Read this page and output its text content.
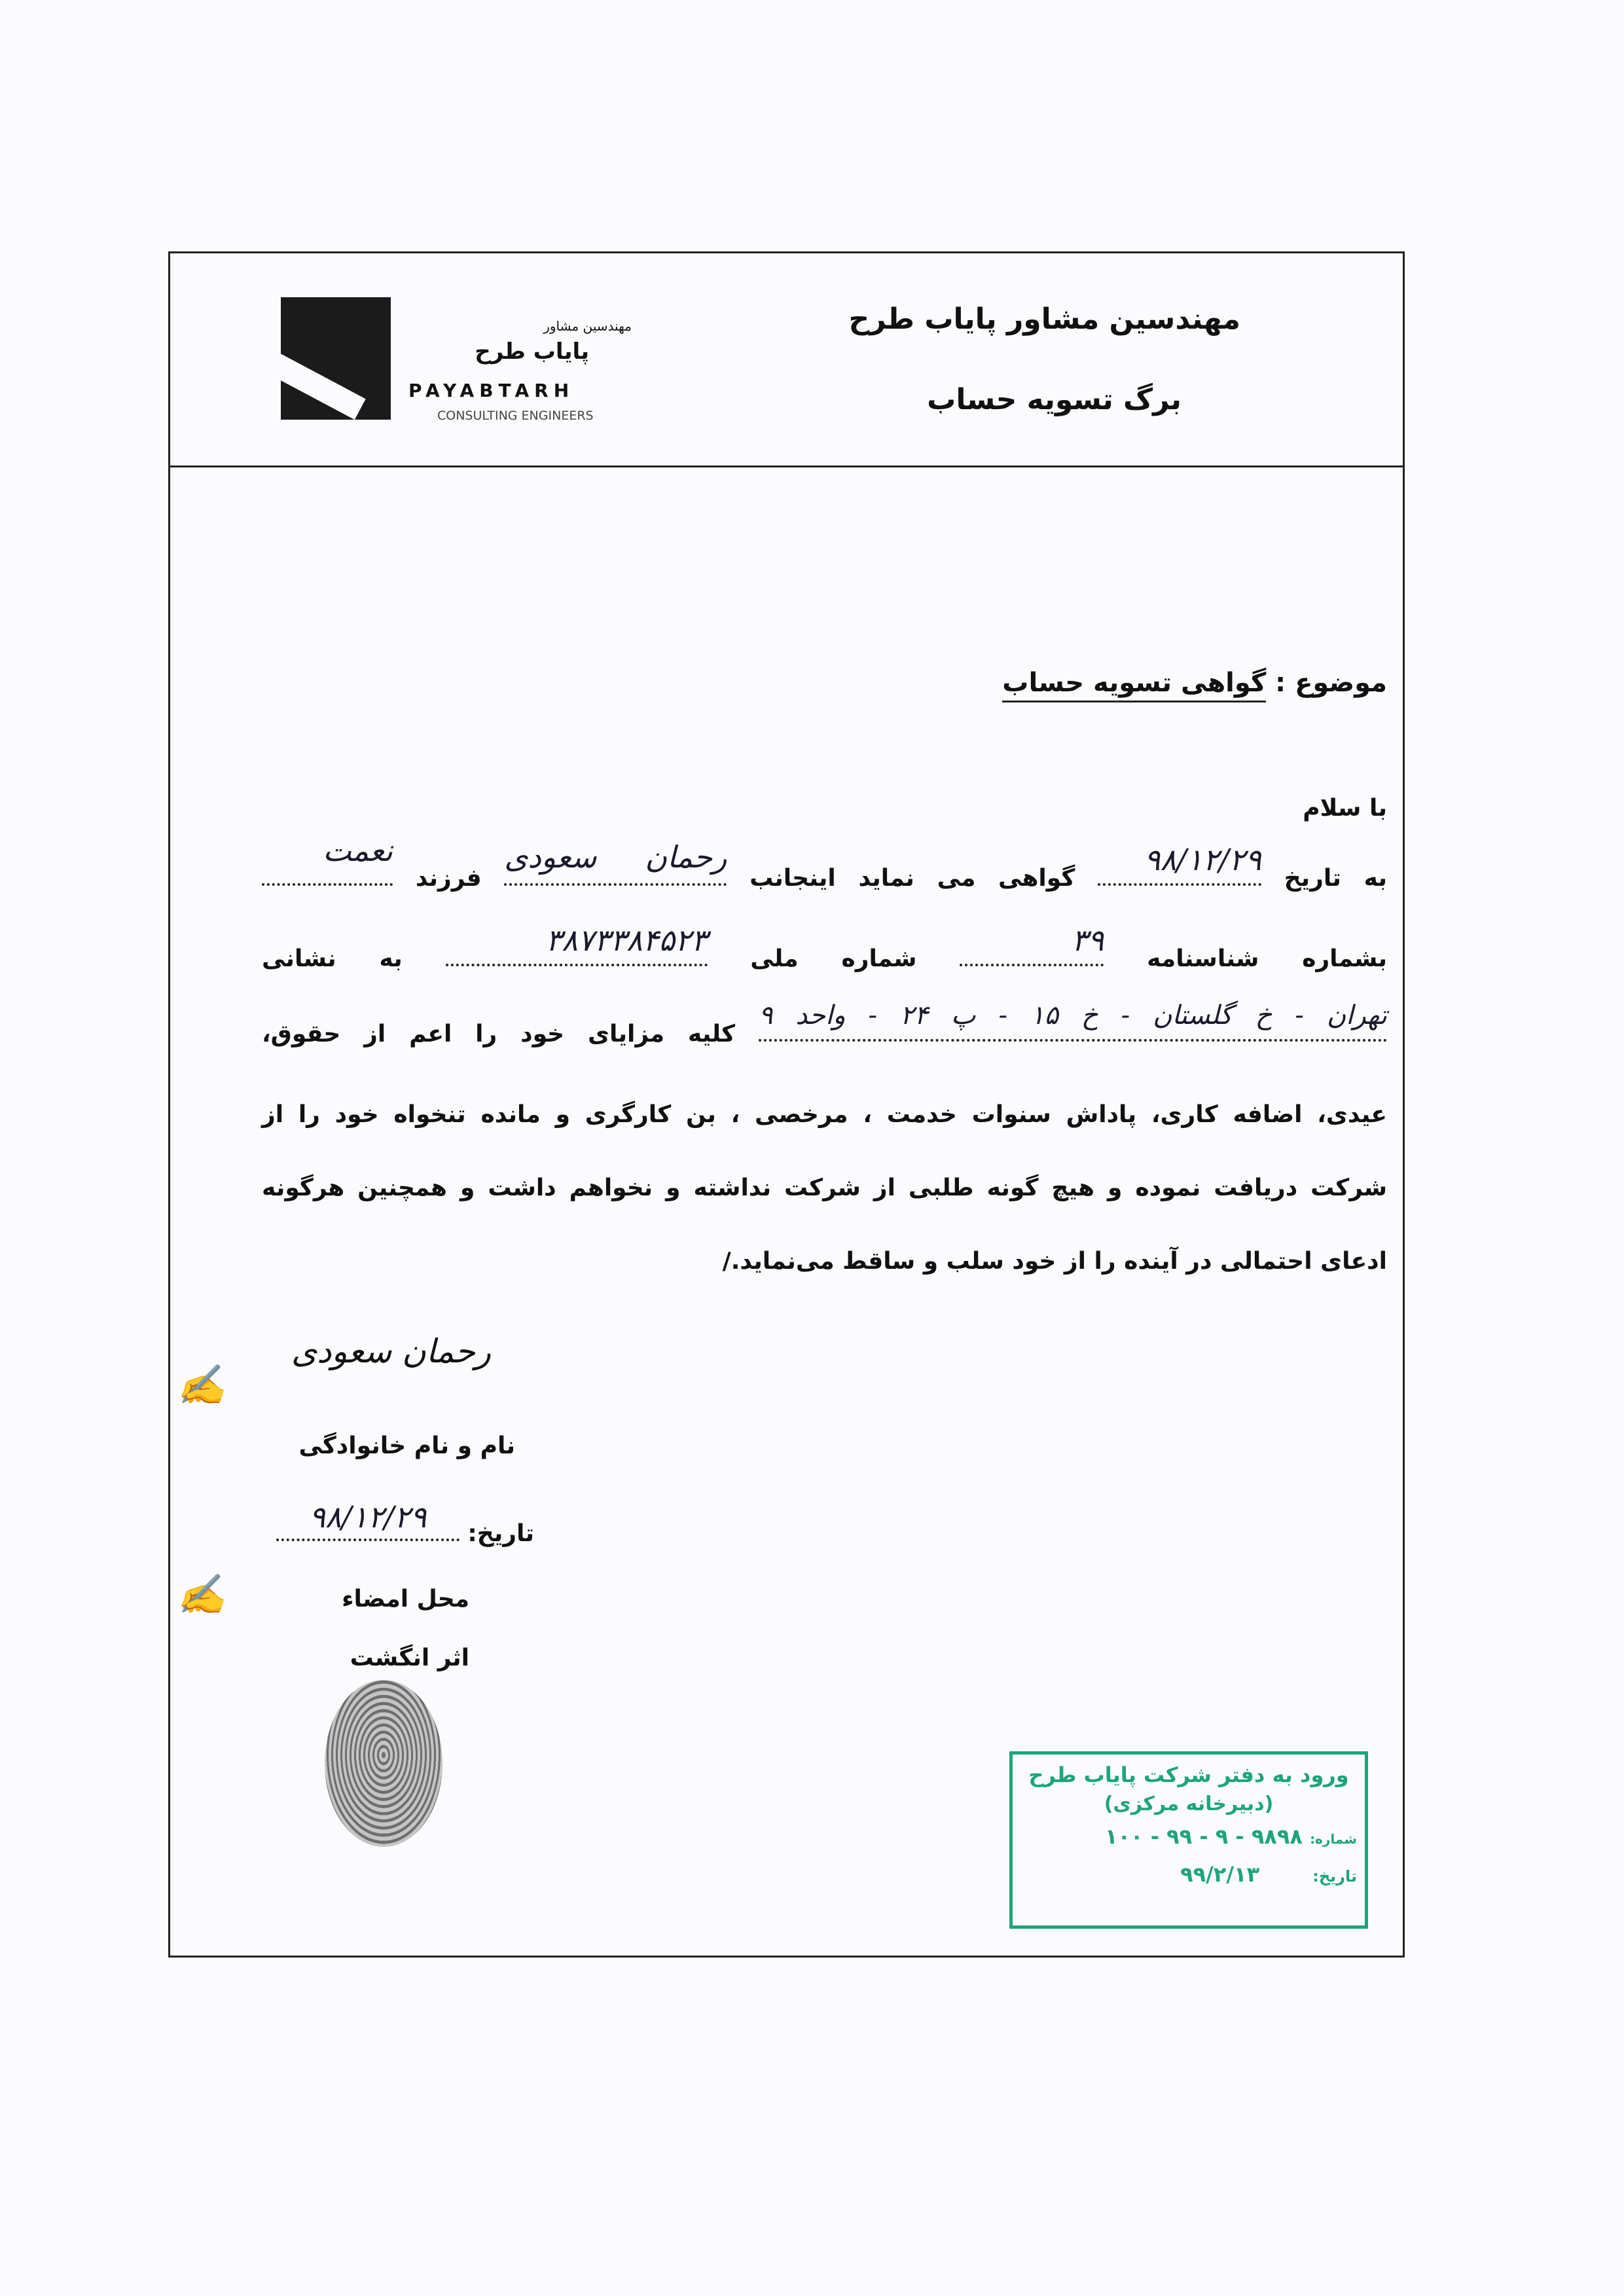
مهندسین مشاور پایاب طرح
برگ تسویه حساب
مهندسین مشاور
پایاب طرح
PAYABTARH
CONSULTING ENGINEERS
موضوع : گواهی تسویه حساب
با سلام
به تاریخ
۹۸/۱۲/۲۹
گواهی می نماید اینجانب
رحمان سعودی
فرزند
نعمت
بشماره شناسنامه
۳۹
شماره ملی
۳۸۷۳۳۸۴۵۲۳
به نشانی
تهران - خ گلستان - خ ۱۵ - پ ۲۴ - واحد ۹
کلیه مزایای خود را اعم از حقوق،
عیدی، اضافه کاری، پاداش سنوات خدمت ، مرخصی ، بن کارگری و مانده تنخواه خود را از
شرکت دریافت نموده و هیچ گونه طلبی از شرکت نداشته و نخواهم داشت و همچنین هرگونه
ادعای احتمالی در آینده را از خود سلب و ساقط می‌نماید./
رحمان سعودی
✍
نام و نام خانوادگی
تاریخ:
۹۸/۱۲/۲۹
محل امضاء
✍
اثر انگشت
ورود به دفتر شرکت پایاب طرح
(دبیرخانه مرکزی)
شماره: ۹۸۹۸ - ۹ - ۹۹ - ۱۰۰
تاریخ: ۹۹/۲/۱۳
